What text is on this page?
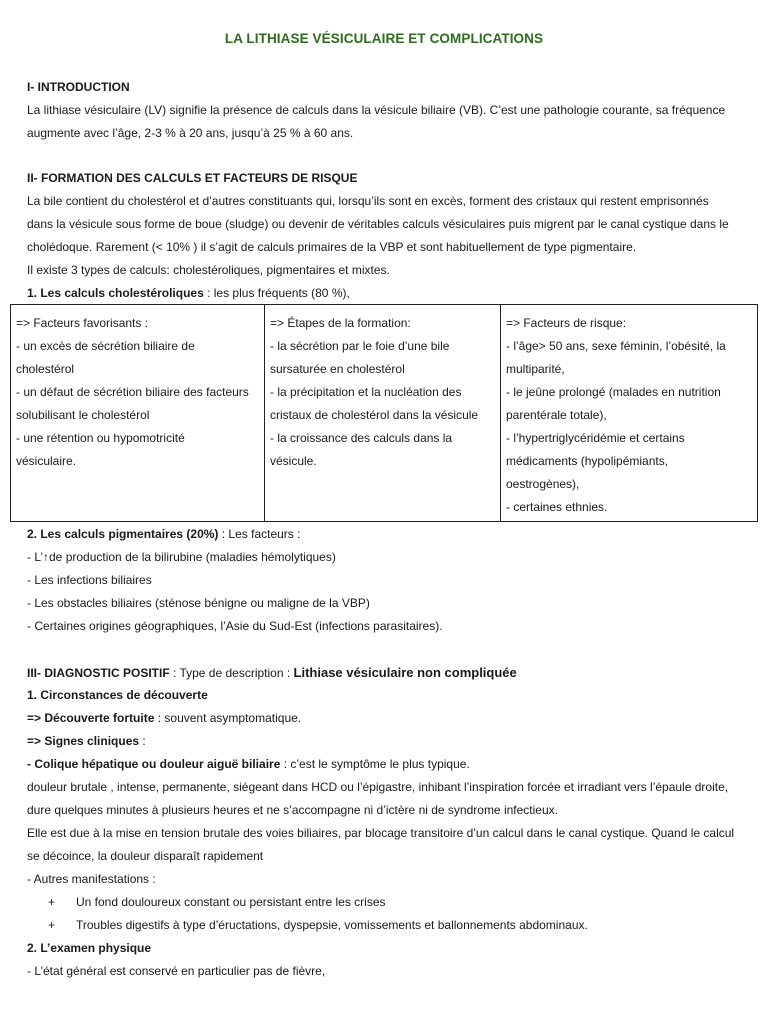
LA LITHIASE VÉSICULAIRE ET COMPLICATIONS
I- INTRODUCTION
La lithiase vésiculaire (LV) signifie la présence de calculs dans la vésicule biliaire (VB). C’est une pathologie courante, sa fréquence
augmente avec l’âge, 2-3 % à 20 ans, jusqu’à 25 % à 60 ans.
II- FORMATION DES CALCULS ET FACTEURS DE RISQUE
La bile contient du cholestérol et d’autres constituants qui, lorsqu’ils sont en excès, forment des cristaux qui restent emprisonnés
dans la vésicule sous forme de boue (sludge) ou devenir de véritables calculs vésiculaires puis migrent par le canal cystique dans le
cholédoque. Rarement (< 10% ) il s’agit de calculs primaires de la VBP et sont habituellement de type pigmentaire.
Il existe 3 types de calculs: cholestéroliques, pigmentaires et mixtes.
1. Les calculs cholestéroliques : les plus fréquents (80 %),
=> Facteurs favorisants :
- un excès de sécrétion biliaire de
cholestérol
- un défaut de sécrétion biliaire des facteurs
solubilisant le cholestérol
- une rétention ou hypomotricité
vésiculaire.

=> Étapes de la formation:
- la sécrétion par le foie d’une bile
sursaturée en cholestérol
- la précipitation et la nucléation des
cristaux de cholestérol dans la vésicule
- la croissance des calculs dans la
vésicule.

=> Facteurs de risque:
- l’âge> 50 ans, sexe féminin, l’obésité, la
multiparité,
- le jeûne prolongé (malades en nutrition
parentérale totale),
- l’hypertriglycéridémie et certains
médicaments (hypolipémiants,
oestrogènes),
- certaines ethnies.
2. Les calculs pigmentaires (20%) : Les facteurs :
- L’↑de production de la bilirubine (maladies hémolytiques)
- Les infections biliaires
- Les obstacles biliaires (sténose bénigne ou maligne de la VBP)
- Certaines origines géographiques, l’Asie du Sud-Est (infections parasitaires).
III- DIAGNOSTIC POSITIF : Type de description : Lithiase vésiculaire non compliquée
1. Circonstances de découverte
=> Découverte fortuite : souvent asymptomatique.
=> Signes cliniques :
- Colique hépatique ou douleur aiguë biliaire : c’est le symptôme le plus typique.
douleur brutale , intense, permanente, siégeant dans HCD ou l’épigastre, inhibant l’inspiration forcée et irradiant vers l’épaule droite,
dure quelques minutes à plusieurs heures et ne s’accompagne ni d’ictère ni de syndrome infectieux.
Elle est due à la mise en tension brutale des voies biliaires, par blocage transitoire d’un calcul dans le canal cystique. Quand le calcul
se décoince, la douleur disparaît rapidement
- Autres manifestations :
+ Un fond douloureux constant ou persistant entre les crises
+ Troubles digestifs à type d’éructations, dyspepsie, vomissements et ballonnements abdominaux.
2. L’examen physique
- L’état général est conservé en particulier pas de fièvre,
